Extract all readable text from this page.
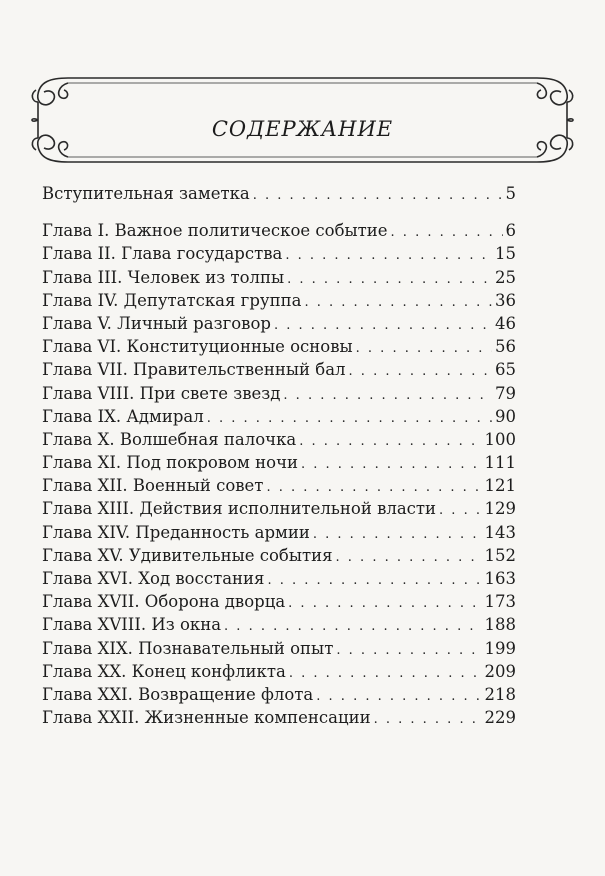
СОДЕРЖАНИЕ
Вступительная заметка . . .	5
Глава I. Важное политическое событие . . .	6
Глава II. Глава государства . . .	15
Глава III. Человек из толпы . . .	25
Глава IV. Депутатская группа . . .	36
Глава V. Личный разговор . . .	46
Глава VI. Конституционные основы . . .	56
Глава VII. Правительственный бал . . .	65
Глава VIII. При свете звезд . . .	79
Глава IX. Адмирал . . .	90
Глава X. Волшебная палочка . . .	100
Глава XI. Под покровом ночи . . .	111
Глава XII. Военный совет . . .	121
Глава XIII. Действия исполнительной власти . . .	129
Глава XIV. Преданность армии . . .	143
Глава XV. Удивительные события . . .	152
Глава XVI. Ход восстания . . .	163
Глава XVII. Оборона дворца . . .	173
Глава XVIII. Из окна . . .	188
Глава XIX. Познавательный опыт . . .	199
Глава XX. Конец конфликта . . .	209
Глава XXI. Возвращение флота . . .	218
Глава XXII. Жизненные компенсации . . .	229
